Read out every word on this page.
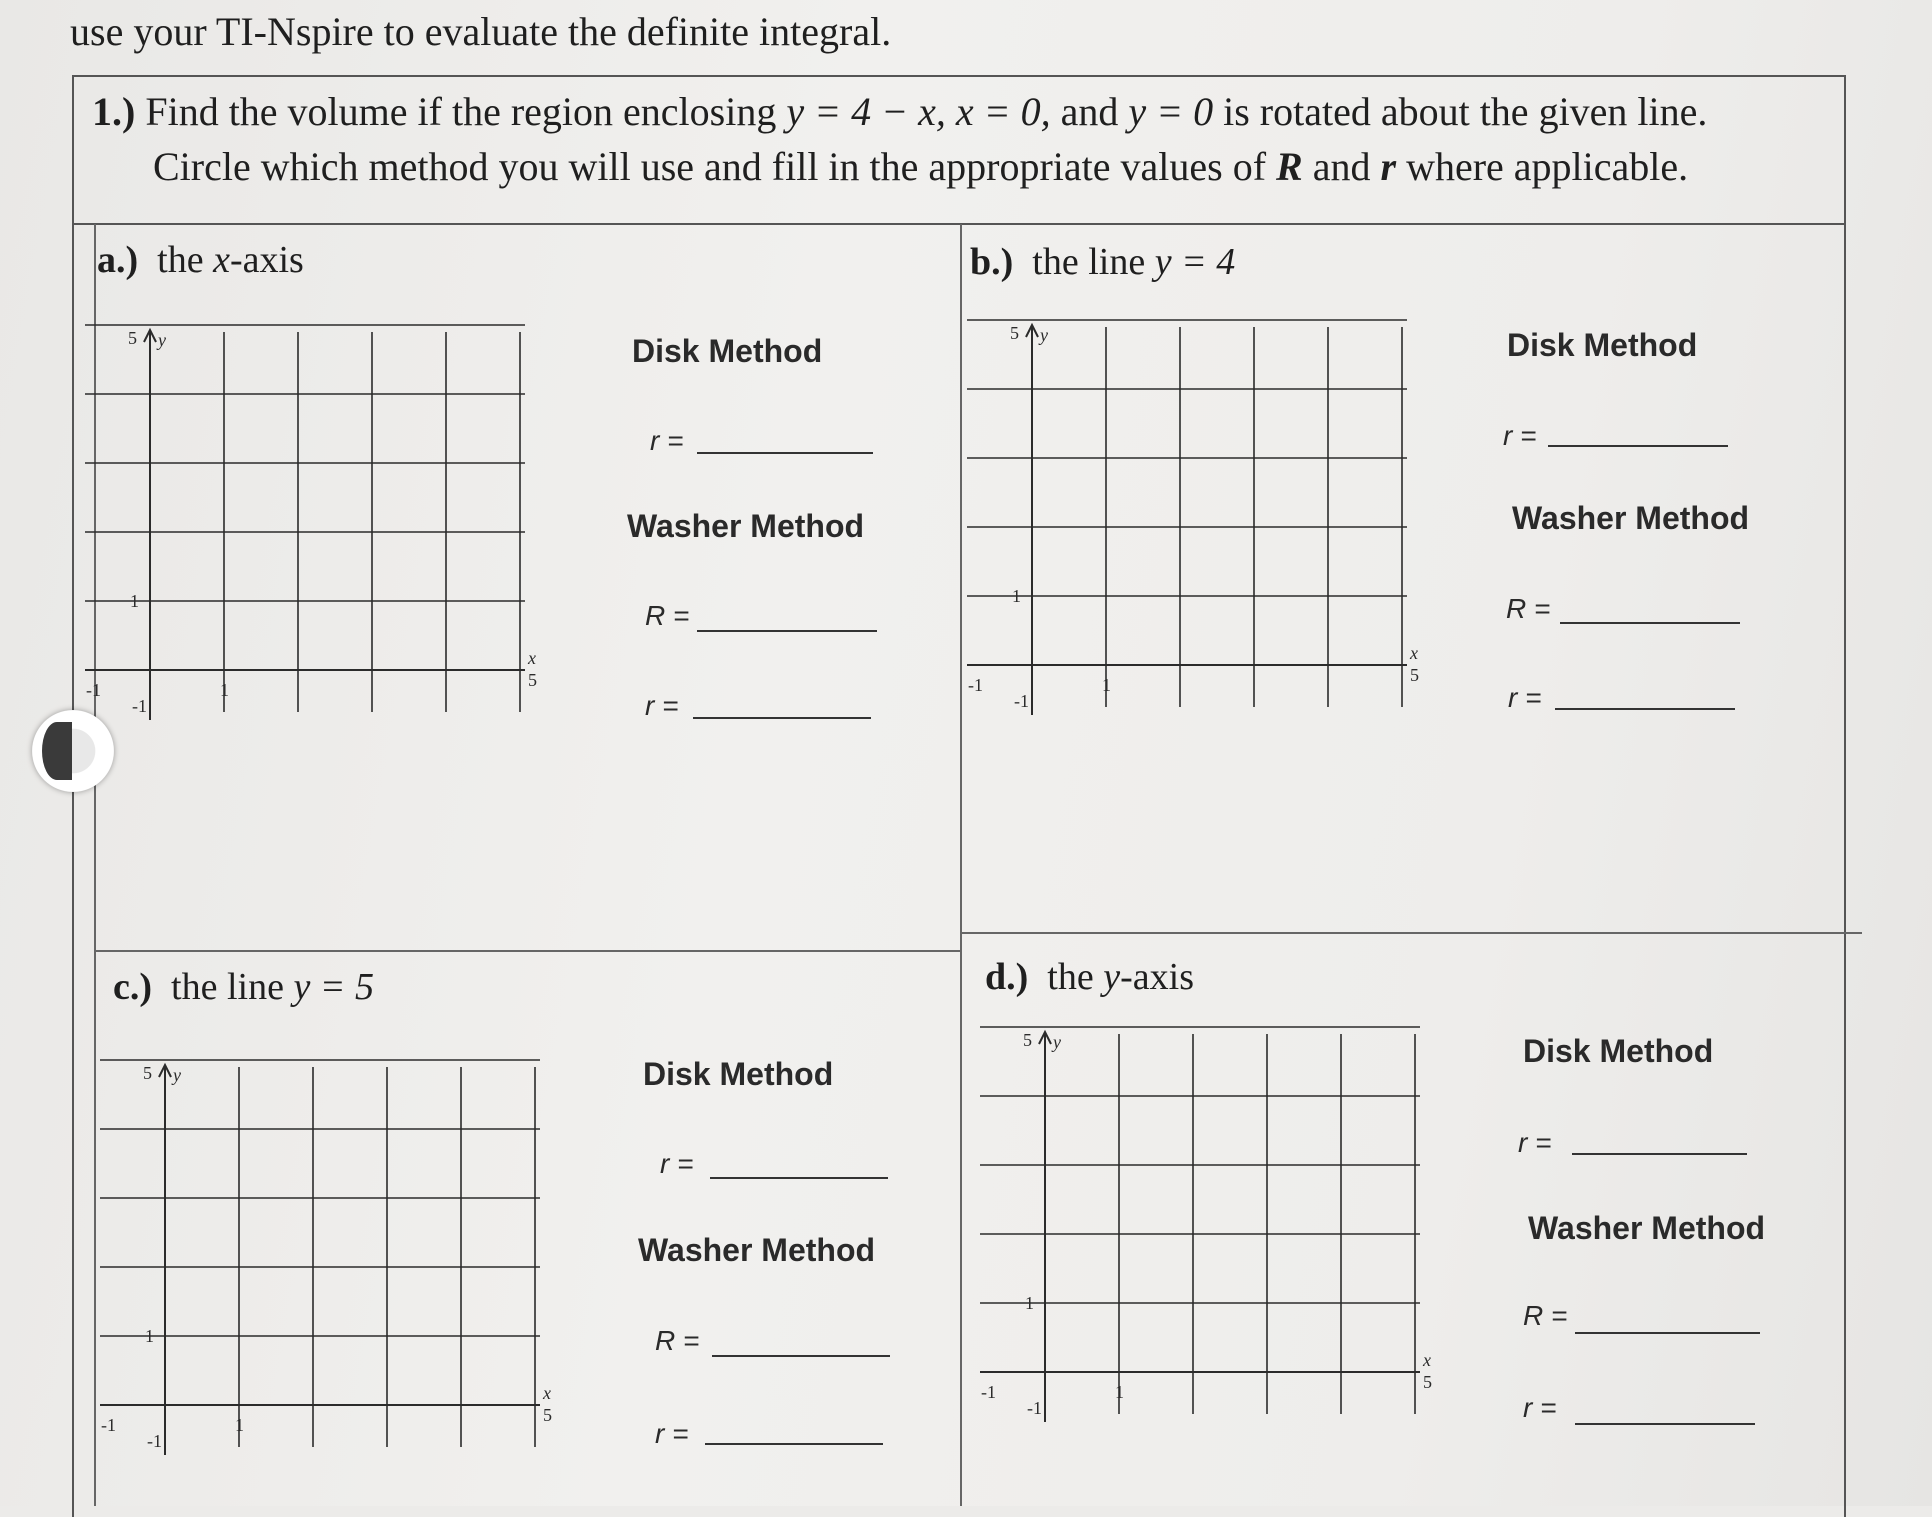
use your TI-Nspire to evaluate the definite integral.
1.) Find the volume if the region enclosing y = 4 − x, x = 0, and y = 0 is rotated about the given line.
Circle which method you will use and fill in the appropriate values of R and r where applicable.
a.) the x-axis	b.) the line y = 4
c.) the line y = 5	d.) the y-axis
5 y
1
-1
-1	1
x
5
5 y
1
-1
-1	1
x
5
5 y
1
-1
-1	1
x
5
5 y
1
-1
-1	1
x
5
Disk Method
r =
Washer Method
R =
r =
Disk Method
r =
Washer Method
R =
r =
Disk Method
r =
Washer Method
R =
r =
Disk Method
r =
Washer Method
R =
r =
